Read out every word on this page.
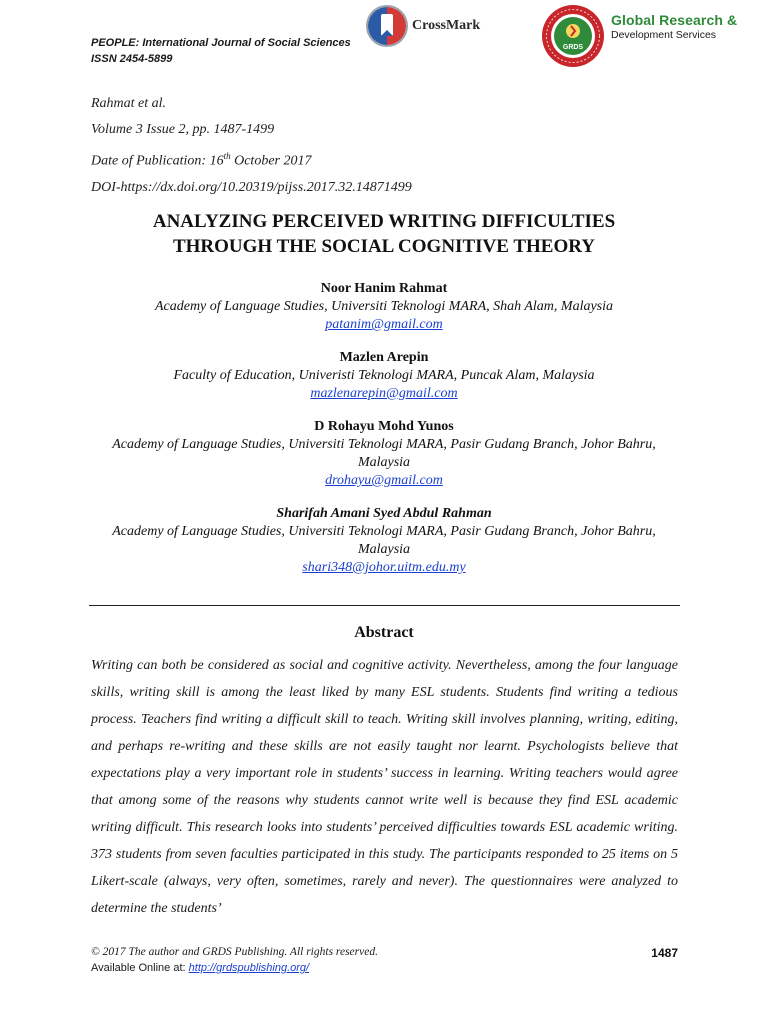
PEOPLE: International Journal of Social Sciences
ISSN 2454-5899
CrossMark
GRDS
Global Research &
Development Services
Rahmat et al.
Volume 3 Issue 2, pp. 1487-1499
Date of Publication: 16th October 2017
DOI-https://dx.doi.org/10.20319/pijss.2017.32.14871499
ANALYZING PERCEIVED WRITING DIFFICULTIES
THROUGH THE SOCIAL COGNITIVE THEORY
Noor Hanim Rahmat
Academy of Language Studies, Universiti Teknologi MARA, Shah Alam, Malaysia
patanim@gmail.com
Mazlen Arepin
Faculty of Education, Univeristi Teknologi MARA, Puncak Alam, Malaysia
mazlenarepin@gmail.com
D Rohayu Mohd Yunos
Academy of Language Studies, Universiti Teknologi MARA, Pasir Gudang Branch, Johor Bahru,
Malaysia
drohayu@gmail.com
Sharifah Amani Syed Abdul Rahman
Academy of Language Studies, Universiti Teknologi MARA, Pasir Gudang Branch, Johor Bahru,
Malaysia
shari348@johor.uitm.edu.my
Abstract
Writing can both be considered as social and cognitive activity. Nevertheless, among the four language skills, writing skill is among the least liked by many ESL students. Students find writing a tedious process. Teachers find writing a difficult skill to teach. Writing skill involves planning, writing, editing, and perhaps re-writing and these skills are not easily taught nor learnt. Psychologists believe that expectations play a very important role in students’ success in learning. Writing teachers would agree that among some of the reasons why students cannot write well is because they find ESL academic writing difficult. This research looks into students’ perceived difficulties towards ESL academic writing. 373 students from seven faculties participated in this study. The participants responded to 25 items on 5 Likert-scale (always, very often, sometimes, rarely and never). The questionnaires were analyzed to determine the students’
© 2017 The author and GRDS Publishing. All rights reserved.
Available Online at: http://grdspublishing.org/
1487
